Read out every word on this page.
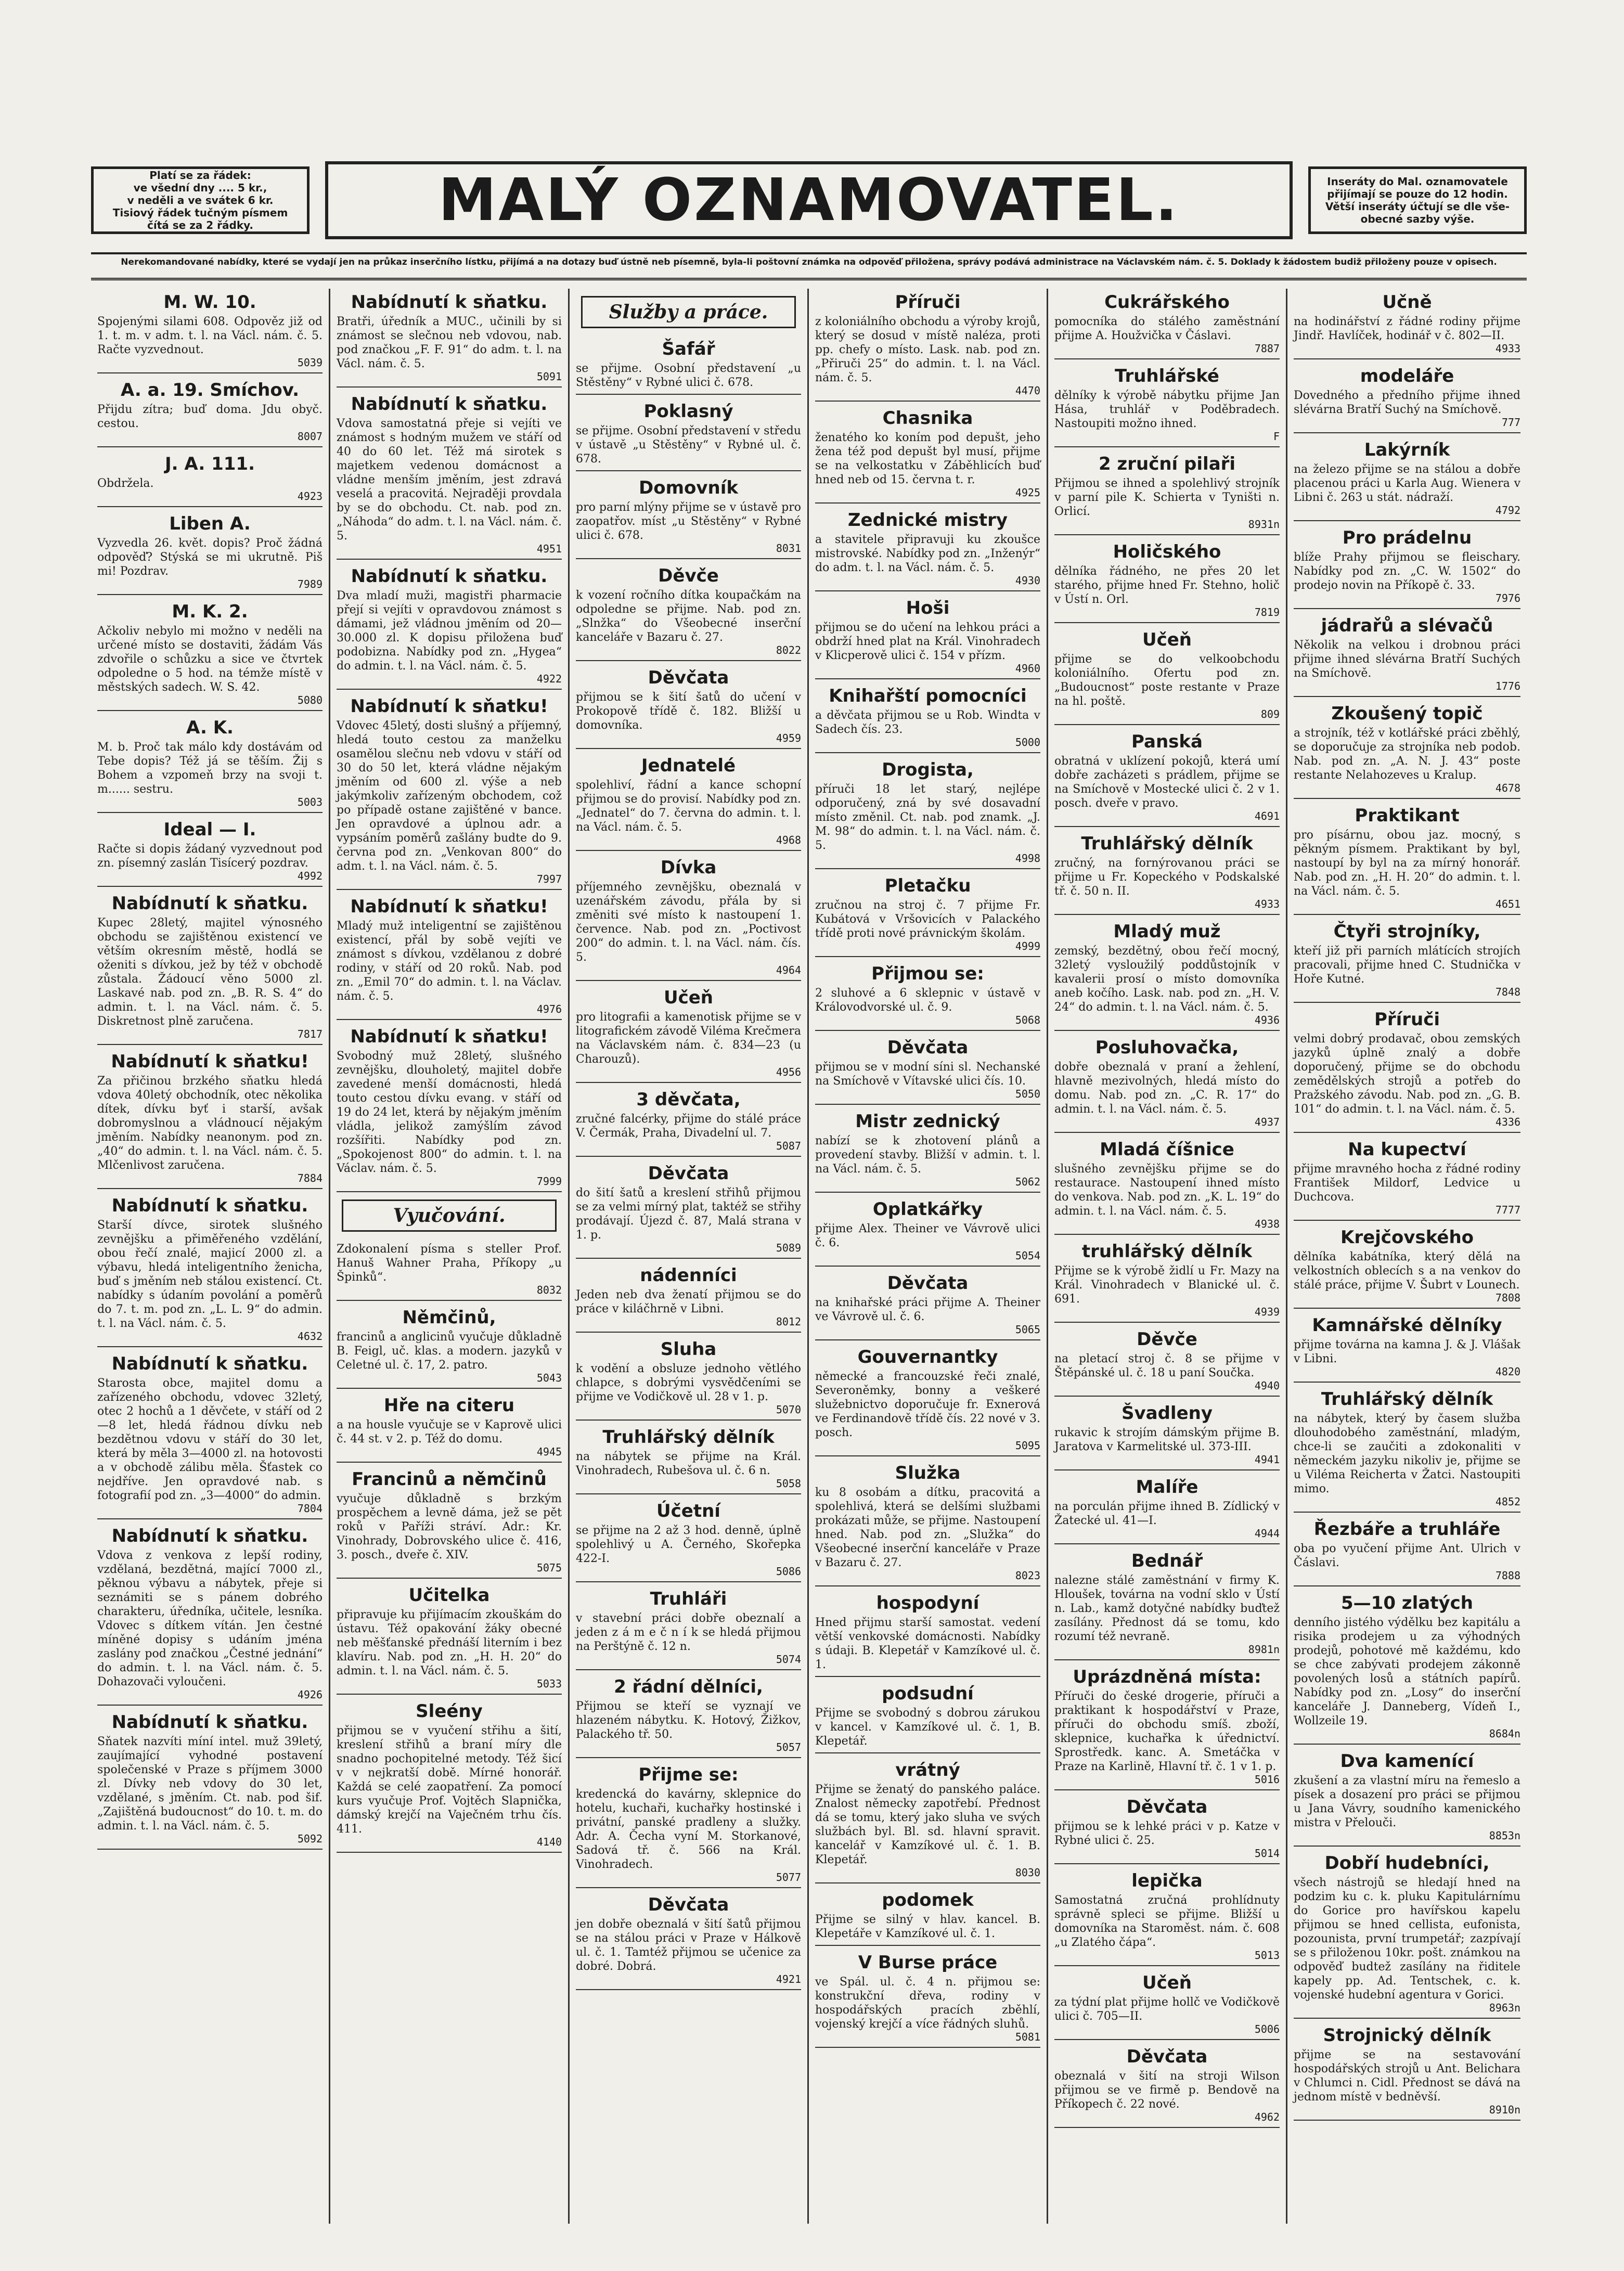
Platí se za řádek:
ve všední dny .... 5 kr.,
v neděli a ve svátek 6 kr.
Tisiový řádek tučným písmem
čítá se za 2 řádky.	MALÝ OZNAMOVATEL.	Inseráty do Mal. oznamovatele
přijímají se pouze do 12 hodin.
Větší inseráty účtují se dle vše-
obecné sazby výše.
Nerekomandované nabídky, které se vydají jen na průkaz inserčního lístku, přijímá a na dotazy buď ústně neb písemně, byla-li poštovní známka na odpověď přiložena, správy podává administrace na Václavském nám. č. 5. Doklady k žádostem budiž přiloženy pouze v opisech.
M. W. 10.
Spojenými silami 608. Odpověz již od 1. t. m. v adm. t. l. na Václ. nám. č. 5. Račte vyzvednout.
5039
A. a. 19. Smíchov.
Přijdu zítra; buď doma. Jdu obyč. cestou.
8007
J. A. 111.
Obdržela.
4923
Liben A.
Vyzvedla 26. květ. dopis? Proč žádná odpověď? Stýská se mi ukrutně. Piš mi! Pozdrav.
7989
M. K. 2.
Ačkoliv nebylo mi možno v neděli na určené místo se dostaviti, žádám Vás zdvořile o schůzku a sice ve čtvrtek odpoledne o 5 hod. na témže místě v městských sadech. W. S. 42.
5080
A. K.
M. b. Proč tak málo kdy dostávám od Tebe dopis? Též já se těším. Žij s Bohem a vzpomeň brzy na svoji t. m...... sestru.
5003
Ideal — I.
Račte si dopis žádaný vyzvednout pod zn. písemný zaslán Tisícerý pozdrav.
4992
Nabídnutí k sňatku.
Kupec 28letý, majitel výnosného obchodu se zajištěnou existencí ve větším okresním městě, hodlá se oženiti s dívkou, jež by též v obchodě zůstala. Žádoucí věno 5000 zl. Laskavé nab. pod zn. „B. R. S. 4“ do admin. t. l. na Václ. nám. č. 5. Diskretnost plně zaručena.
7817
Nabídnutí k sňatku!
Za přičinou brzkého sňatku hledá vdova 40letý obchodník, otec několika dítek, dívku byť i starší, avšak dobromyslnou a vládnoucí nějakým jměním. Nabídky neanonym. pod zn. „40“ do admin. t. l. na Václ. nám. č. 5. Mlčenlivost zaručena.
7884
Nabídnutí k sňatku.
Starší dívce, sirotek slušného zevnějšku a přiměřeného vzdělání, obou řečí znalé, majicí 2000 zl. a výbavu, hledá inteligentního ženicha, buď s jměním neb stálou existencí. Ct. nabídky s údaním povolání a poměrů do 7. t. m. pod zn. „L. L. 9“ do admin. t. l. na Václ. nám. č. 5.
4632
Nabídnutí k sňatku.
Starosta obce, majitel domu a zařízeného obchodu, vdovec 32letý, otec 2 hochů a 1 děvčete, v stáří od 2—8 let, hledá řádnou dívku neb bezdětnou vdovu v stáří do 30 let, která by měla 3—4000 zl. na hotovosti a v obchodě zálibu měla. Šťastek co nejdříve. Jen opravdové nab. s fotografií pod zn. „3—4000“ do admin.
7804
Nabídnutí k sňatku.
Vdova z venkova z lepší rodiny, vzdělaná, bezdětná, mající 7000 zl., pěknou výbavu a nábytek, přeje si seznámiti se s pánem dobrého charakteru, úředníka, učitele, lesníka. Vdovec s dítkem vítán. Jen čestné míněné dopisy s udáním jména zaslány pod značkou „Čestné jednání“ do admin. t. l. na Václ. nám. č. 5. Dohazovači vyloučeni.
4926
Nabídnutí k sňatku.
Sňatek nazvíti míní intel. muž 39letý, zaujímající vyhodné postavení společenské v Praze s příjmem 3000 zl. Dívky neb vdovy do 30 let, vzdělané, s jměním. Ct. nab. pod šif. „Zajištěná budoucnost“ do 10. t. m. do admin. t. l. na Václ. nám. č. 5.
5092
Nabídnutí k sňatku.
Bratři, úředník a MUC., učinili by si známost se slečnou neb vdovou, nab. pod značkou „F. F. 91“ do adm. t. l. na Václ. nám. č. 5.
5091
Nabídnutí k sňatku.
Vdova samostatná přeje si vejíti ve známost s hodným mužem ve stáří od 40 do 60 let. Též má sirotek s majetkem vedenou domácnost a vládne menším jměním, jest zdravá veselá a pracovitá. Nejraději provdala by se do obchodu. Ct. nab. pod zn. „Náhoda“ do adm. t. l. na Václ. nám. č. 5.
4951
Nabídnutí k sňatku.
Dva mladí muži, magistři pharmacie přejí si vejíti v opravdovou známost s dámami, jež vládnou jměním od 20—30.000 zl. K dopisu přiložena buď podobizna. Nabídky pod zn. „Hygea“ do admin. t. l. na Václ. nám. č. 5.
4922
Nabídnutí k sňatku!
Vdovec 45letý, dosti slušný a příjemný, hledá touto cestou za manželku osamělou slečnu neb vdovu v stáří od 30 do 50 let, která vládne nějakým jměním od 600 zl. výše a neb jakýmkoliv zařízeným obchodem, což po případě ostane zajištěné v bance. Jen opravdové a úplnou adr. a vypsáním poměrů zašlány budte do 9. června pod zn. „Venkovan 800“ do adm. t. l. na Václ. nám. č. 5.
7997
Nabídnutí k sňatku!
Mladý muž inteligentní se zajištěnou existencí, přál by sobě vejíti ve známost s dívkou, vzdělanou z dobré rodiny, v stáří od 20 roků. Nab. pod zn. „Emil 70“ do admin. t. l. na Václav. nám. č. 5.
4976
Nabídnutí k sňatku!
Svobodný muž 28letý, slušného zevnějšku, dlouholetý, majitel dobře zavedené menší domácnosti, hledá touto cestou dívku evang. v stáří od 19 do 24 let, která by nějakým jměním vládla, jelikož zamýšlím závod rozšířiti. Nabídky pod zn. „Spokojenost 800“ do admin. t. l. na Václav. nám. č. 5.
7999
Vyučování.
Zdokonalení písma s steller Prof. Hanuš Wahner Praha, Příkopy „u Špinků“.
8032
Němčinů,
francinů a anglicinů vyučuje důkladně B. Feigl, uč. klas. a modern. jazyků v Celetné ul. č. 17, 2. patro.
5043
Hře na citeru
a na housle vyučuje se v Kaprově ulici č. 44 st. v 2. p. Též do domu.
4945
Francinů a němčinů
vyučuje důkladně s brzkým prospěchem a levně dáma, jež se pět roků v Paříži stráví. Adr.: Kr. Vinohrady, Dobrovského ulice č. 416, 3. posch., dveře č. XIV.
5075
Učitelka
připravuje ku přijímacím zkouškám do ústavu. Též opakování žáky obecné neb měšťanské přednáší literním i bez klavíru. Nab. pod zn. „H. H. 20“ do admin. t. l. na Václ. nám. č. 5.
5033
Sleény
přijmou se v vyučení střihu a šití, kreslení střihů a braní míry dle snadno pochopitelné metody. Též šicí v v nejkratší době. Mírné honorář. Každá se celé zaopatření. Za pomocí kurs vyučuje Prof. Vojtěch Slapnička, dámský krejčí na Vaječném trhu čís. 411.
4140
Služby a práce.
Šafář
se přijme. Osobní představení „u Stěstěny“ v Rybné ulici č. 678.
Poklasný
se přijme. Osobní představení v středu v ústavě „u Stěstěny“ v Rybné ul. č. 678.
Domovník
pro parní mlýny přijme se v ústavě pro zaopatřov. míst „u Stěstěny“ v Rybné ulici č. 678.
8031
Děvče
k vození ročního dítka koupačkám na odpoledne se přijme. Nab. pod zn. „Slnžka“ do Všeobecné inserční kanceláře v Bazaru č. 27.
8022
Děvčata
přijmou se k šití šatů do učení v Prokopově třídě č. 182. Bližší u domovníka.
4959
Jednatelé
spolehliví, řádní a kance schopní přijmou se do provisí. Nabídky pod zn. „Jednatel“ do 7. června do admin. t. l. na Václ. nám. č. 5.
4968
Dívka
příjemného zevnějšku, obeznalá v uzenářském závodu, přála by si změniti své místo k nastoupení 1. července. Nab. pod zn. „Poctivost 200“ do admin. t. l. na Václ. nám. čís. 5.
4964
Učeň
pro litografii a kamenotisk přijme se v litografickém závodě Viléma Krečmera na Václavském nám. č. 834—23 (u Charouzů).
4956
3 děvčata,
zručné falcérky, přijme do stálé práce V. Čermák, Praha, Divadelní ul. 7.
5087
Děvčata
do šití šatů a kreslení střihů přijmou se za velmi mírný plat, taktéž se střihy prodávají. Újezd č. 87, Malá strana v 1. p.
5089
nádenníci
Jeden neb dva ženatí přijmou se do práce v kiláčhrně v Libni.
8012
Sluha
k vodění a obsluze jednoho větlého chlapce, s dobrými vysvědčeními se přijme ve Vodičkově ul. 28 v 1. p.
5070
Truhlářský dělník
na nábytek se přijme na Král. Vinohradech, Rubešova ul. č. 6 n.
5058
Účetní
se přijme na 2 až 3 hod. denně, úplně spolehlivý u A. Černého, Skořepka 422-I.
5086
Truhláři
v stavební práci dobře obeznalí a jeden z á m e č n í k se hledá přijmou na Perštýně č. 12 n.
5074
2 řádní dělníci,
Přijmou se kteří se vyznají ve hlazeném nábytku. K. Hotový, Žižkov, Palackého tř. 50.
5057
Přijme se:
kredencká do kavárny, sklepnice do hotelu, kuchaři, kuchařky hostinské i privátní, panské pradleny a služky. Adr. A. Čecha vyní M. Storkanové, Sadová tř. č. 566 na Král. Vinohradech.
5077
Děvčata
jen dobře obeznalá v šití šatů přijmou se na stálou práci v Praze v Hálkově ul. č. 1. Tamtéž přijmou se učenice za dobré. Dobrá.
4921
Příruči
z koloniálního obchodu a výroby krojů, který se dosud v místě naléza, proti pp. chefy o místo. Lask. nab. pod zn. „Přiruči 25“ do admin. t. l. na Václ. nám. č. 5.
4470
Chasnika
ženatého ko koním pod depušt, jeho žena též pod depušt byl musí, přijme se na velkostatku v Záběhlicích buď hned neb od 15. června t. r.
4925
Zednické mistry
a stavitele připravuji ku zkoušce mistrovské. Nabídky pod zn. „Inženýr“ do adm. t. l. na Václ. nám. č. 5.
4930
Hoši
přijmou se do učení na lehkou práci a obdrží hned plat na Král. Vinohradech v Klicperově ulici č. 154 v přízm.
4960
Knihařští pomocníci
a děvčata přijmou se u Rob. Windta v Sadech čís. 23.
5000
Drogista,
příruči 18 let starý, nejlépe odporučený, zná by své dosavadní místo změnil. Ct. nab. pod znamk. „J. M. 98“ do admin. t. l. na Václ. nám. č. 5.
4998
Pletačku
zručnou na stroj č. 7 přijme Fr. Kubátová v Vršovicích v Palackého třídě proti nové právnickým školám.
4999
Přijmou se:
2 sluhové a 6 sklepnic v ústavě v Královodvorské ul. č. 9.
5068
Děvčata
přijmou se v modní síni sl. Nechanské na Smíchově v Vítavské ulici čís. 10.
5050
Mistr zednický
nabízí se k zhotovení plánů a provedení stavby. Bližší v admin. t. l. na Václ. nám. č. 5.
5062
Oplatkářky
přijme Alex. Theiner ve Vávrově ulici č. 6.
5054
Děvčata
na knihařské práci přijme A. Theiner ve Vávrově ul. č. 6.
5065
Gouvernantky
německé a francouzské řeči znalé, Severoněmky, bonny a veškeré služebnictvo doporučuje fr. Exnerová ve Ferdinandově třídě čís. 22 nové v 3. posch.
5095
Služka
ku 8 osobám a dítku, pracovitá a spolehlivá, která se delšími službami prokázati může, se přijme. Nastoupení hned. Nab. pod zn. „Služka“ do Všeobecné inserční kanceláře v Praze v Bazaru č. 27.
8023
hospodyní
Hned přijmu starší samostat. vedení větší venkovské domácnosti. Nabídky s údaji. B. Klepetář v Kamzíkové ul. č. 1.
podsudní
Přijme se svobodný s dobrou zárukou v kancel. v Kamzíkové ul. č. 1, B. Klepetář.
vrátný
Přijme se ženatý do panského paláce. Znalost německy zapotřebí. Přednost dá se tomu, který jako sluha ve svých službách byl. Bl. sd. hlavní spravit. kancelář v Kamzíkové ul. č. 1. B. Klepetář.
8030
podomek
Přijme se silný v hlav. kancel. B. Klepetáře v Kamzíkové ul. č. 1.
V Burse práce
ve Spál. ul. č. 4 n. přijmou se: konstrukční dřeva, rodiny v hospodářských pracích zběhlí, vojenský krejčí a více řádných sluhů.
5081
Cukrářského
pomocníka do stálého zaměstnání přijme A. Houžvička v Čáslavi.
7887
Truhlářské
dělníky k výrobě nábytku přijme Jan Hása, truhlář v Poděbradech. Nastoupiti možno ihned.
F
2 zruční pilaři
Přijmou se ihned a spolehlivý strojník v parní pile K. Schierta v Tyništi n. Orlicí.
8931n
Holičského
dělníka řádného, ne přes 20 let starého, přijme hned Fr. Stehno, holič v Ústí n. Orl.
7819
Učeň
přijme se do velkoobchodu koloniálního. Ofertu pod zn. „Budoucnost“ poste restante v Praze na hl. poště.
809
Panská
obratná v uklízení pokojů, která umí dobře zacházeti s prádlem, přijme se na Smíchově v Mostecké ulici č. 2 v 1. posch. dveře v pravo.
4691
Truhlářský dělník
zručný, na fornýrovanou práci se přijme u Fr. Kopeckého v Podskalské tř. č. 50 n. II.
4933
Mladý muž
zemský, bezdětný, obou řečí mocný, 32letý vysloužilý poddůstojník v kavalerii prosí o místo domovníka aneb kočího. Lask. nab. pod zn. „H. V. 24“ do admin. t. l. na Václ. nám. č. 5.
4936
Posluhovačka,
dobře obeznalá v praní a žehlení, hlavně mezivolných, hledá místo do domu. Nab. pod zn. „C. R. 17“ do admin. t. l. na Václ. nám. č. 5.
4937
Mladá číšnice
slušného zevnějšku přijme se do restaurace. Nastoupení ihned místo do venkova. Nab. pod zn. „K. L. 19“ do admin. t. l. na Václ. nám. č. 5.
4938
truhlářský dělník
Přijme se k výrobě židlí u Fr. Mazy na Král. Vinohradech v Blanické ul. č. 691.
4939
Děvče
na pletací stroj č. 8 se přijme v Štěpánské ul. č. 18 u paní Součka.
4940
Švadleny
rukavic k strojím dámským přijme B. Jaratova v Karmelitské ul. 373-III.
4941
Malíře
na porculán přijme ihned B. Zídlický v Žatecké ul. 41—I.
4944
Bednář
nalezne stálé zaměstnání v firmy K. Hloušek, továrna na vodní sklo v Ústí n. Lab., kamž dotyčné nabídky buďtež zasílány. Přednost dá se tomu, kdo rozumí též nevraně.
8981n
Uprázdněná místa:
Příruči do české drogerie, příruči a praktikant k hospodářství v Praze, příruči do obchodu smíš. zboží, sklepnice, kuchařka k úřednictví. Sprostředk. kanc. A. Smetáčka v Praze na Karlině, Hlavní tř. č. 1 v 1. p.
5016
Děvčata
přijmou se k lehké práci v p. Katze v Rybné ulici č. 25.
5014
lepička
Samostatná zručná prohlídnuty správně spleci se přijme. Bližší u domovníka na Staroměst. nám. č. 608 „u Zlatého čápa“.
5013
Učeň
za týdní plat přijme hollč ve Vodičkově ulici č. 705—II.
5006
Děvčata
obeznalá v šití na stroji Wilson přijmou se ve firmě p. Bendově na Příkopech č. 22 nové.
4962
Učně
na hodinářství z řádné rodiny přijme Jindř. Havlíček, hodinář v č. 802—II.
4933
modeláře
Dovedného a předního přijme ihned slévárna Bratří Suchý na Smíchově.
777
Lakýrník
na železo přijme se na stálou a dobře placenou práci u Karla Aug. Wienera v Libni č. 263 u stát. nádraží.
4792
Pro prádelnu
blíže Prahy přijmou se fleischary. Nabídky pod zn. „C. W. 1502“ do prodejo novin na Příkopě č. 33.
7976
jádrařů a slévačů
Několik na velkou i drobnou práci přijme ihned slévárna Bratří Suchých na Smíchově.
1776
Zkoušený topič
a strojník, též v kotlářské práci zběhlý, se doporučuje za strojníka neb podob. Nab. pod zn. „A. N. J. 43“ poste restante Nelahozeves u Kralup.
4678
Praktikant
pro písárnu, obou jaz. mocný, s pěkným písmem. Praktikant by byl, nastoupí by byl na za mírný honorář. Nab. pod zn. „H. H. 20“ do admin. t. l. na Václ. nám. č. 5.
4651
Čtyři strojníky,
kteří již při parních mlátících strojích pracovali, přijme hned C. Studnička v Hoře Kutné.
7848
Příruči
velmi dobrý prodavač, obou zemských jazyků úplně znalý a dobře doporučený, přijme se do obchodu zemědělských strojů a potřeb do Pražského závodu. Nab. pod zn. „G. B. 101“ do admin. t. l. na Václ. nám. č. 5.
4336
Na kupectví
přijme mravného hocha z řádné rodiny František Mildorf, Ledvice u Duchcova.
7777
Krejčovského
dělníka kabátníka, který dělá na velkostních oblecích s a na venkov do stálé práce, přijme V. Šubrt v Lounech.
7808
Kamnářské dělníky
přijme továrna na kamna J. & J. Vlášak v Libni.
4820
Truhlářský dělník
na nábytek, který by časem služba dlouhodobého zaměstnání, mladým, chce-li se zaučiti a zdokonaliti v německém jazyku nikoliv je, přijme se u Viléma Reicherta v Žatci. Nastoupiti mimo.
4852
Řezbáře a truhláře
oba po vyučení přijme Ant. Ulrich v Čáslavi.
7888
5—10 zlatých
denního jistého výdělku bez kapitálu a risika prodejem u za výhodných prodejů, pohotové mě každému, kdo se chce zabývati prodejem zákonně povolených losů a státních papírů. Nabídky pod zn. „Losy“ do inserční kanceláře J. Danneberg, Vídeň I., Wollzeile 19.
8684n
Dva kamenící
zkušení a za vlastní míru na řemeslo a písek a dosazení pro práci se přijmou u Jana Vávry, soudního kamenického mistra v Přelouči.
8853n
Dobří hudebníci,
všech nástrojů se hledají hned na podzim ku c. k. pluku Kapitulárnímu do Gorice pro havířskou kapelu přijmou se hned cellista, eufonista, pozounista, první trumpetář; zazpívají se s přiloženou 10kr. pošt. známkou na odpověď budtež zasílány na řiditele kapely pp. Ad. Tentschek, c. k. vojenské hudební agentura v Gorici.
8963n
Strojnický dělník
přijme se na sestavování hospodářských strojů u Ant. Belichara v Chlumci n. Cidl. Přednost se dává na jednom místě v bedněvší.
8910n
